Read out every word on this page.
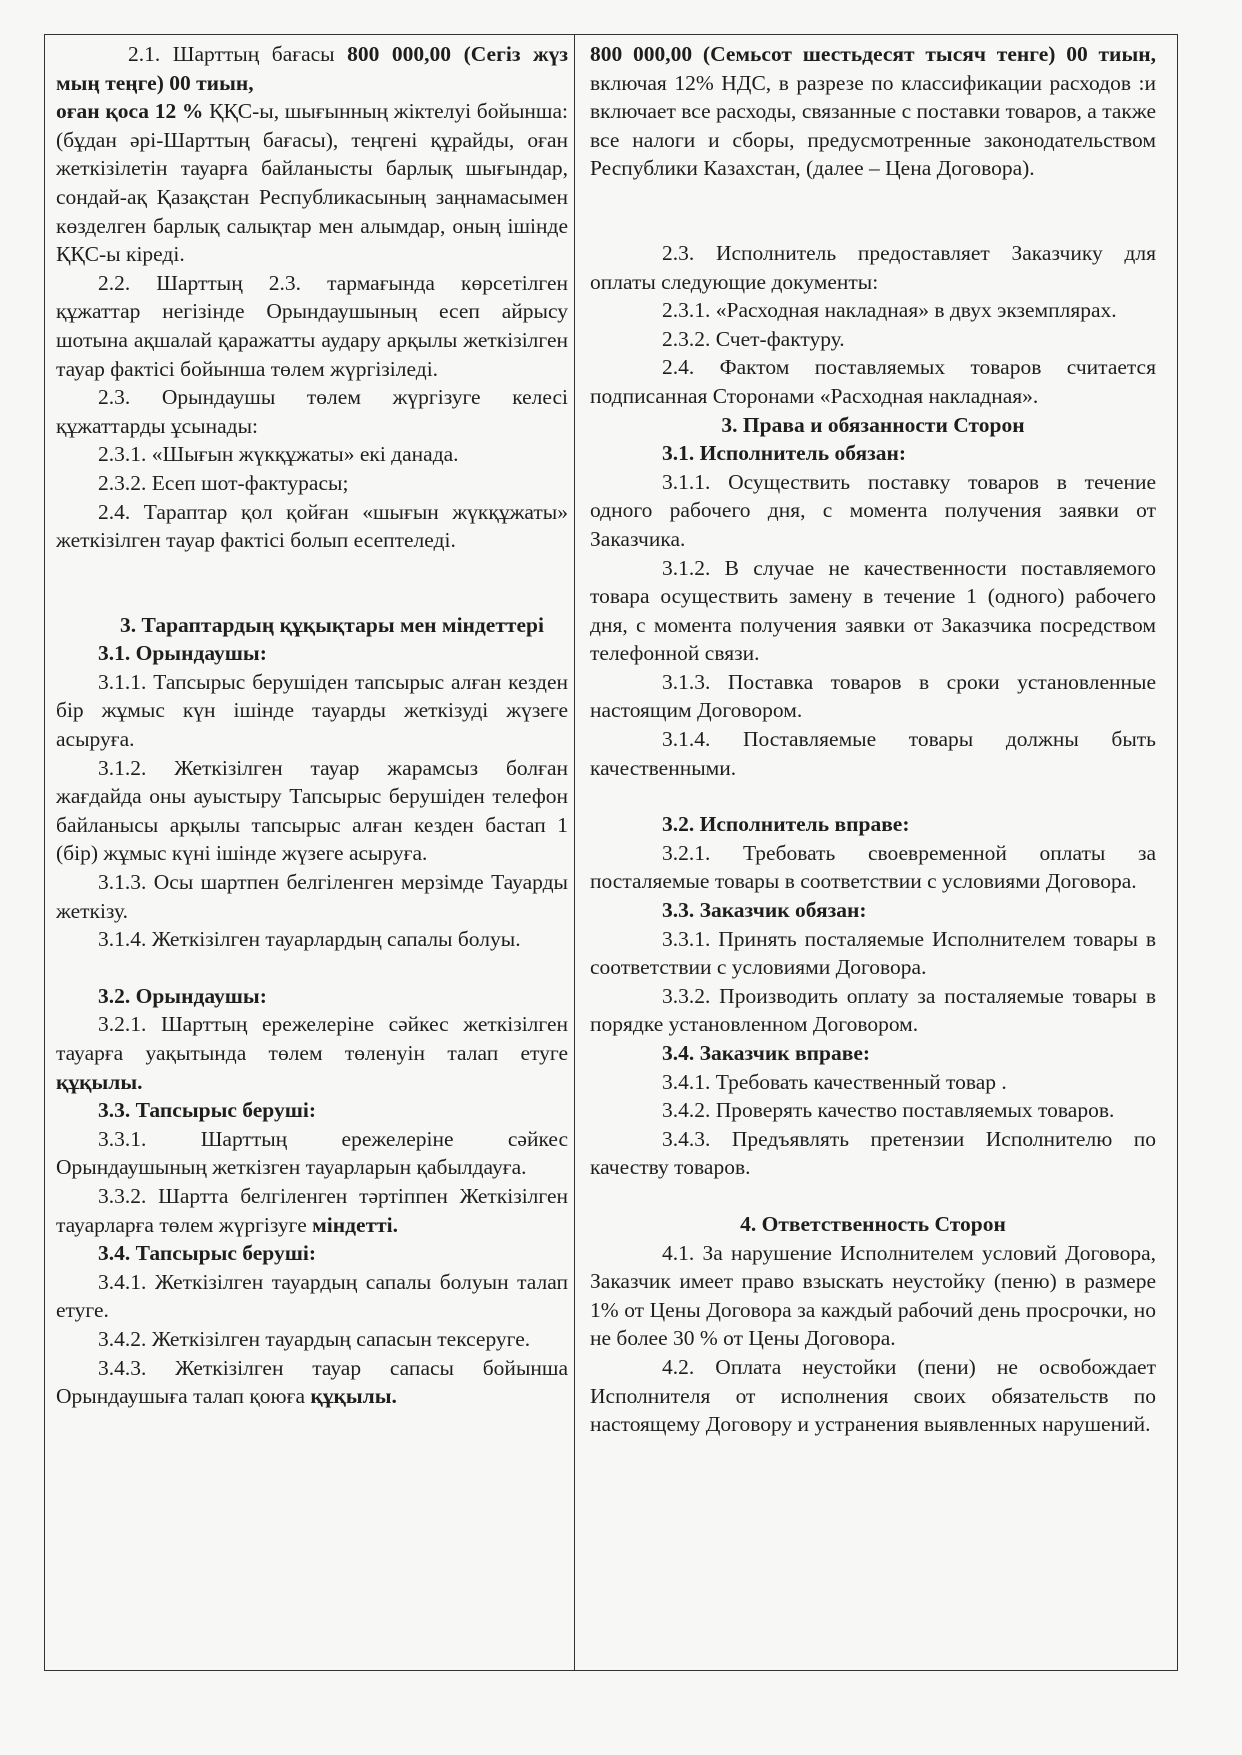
2.1. Шарттың бағасы 800 000,00 (Сегіз жүз мың теңге) 00 тиын,

оған қоса 12 % ҚҚС-ы, шығынның жіктелуі бойынша:(бұдан әрі-Шарттың бағасы), теңгені құрайды, оған жеткізілетін тауарға байланысты барлық шығындар, сондай-ақ Қазақстан Республикасының заңнамасымен көзделген барлық салықтар мен алымдар, оның ішінде ҚҚС-ы кіреді.

2.2. Шарттың 2.3. тармағында көрсетілген құжаттар негізінде Орындаушының есеп айрысу шотына ақшалай қаражатты аудару арқылы жеткізілген тауар фактісі бойынша төлем жүргізіледі.

2.3. Орындаушы төлем жүргізуге келесі құжаттарды ұсынады:

2.3.1. «Шығын жүкқұжаты» екі данада.

2.3.2. Есеп шот-фактурасы;

2.4. Тараптар қол қойған «шығын жүкқұжаты» жеткізілген тауар фактісі болып есептеледі.

3. Тараптардың құқықтары мен міндеттері

3.1. Орындаушы:

3.1.1. Тапсырыс берушіден тапсырыс алған кезден бір жұмыс күн ішінде тауарды жеткізуді жүзеге асыруға.

3.1.2. Жеткізілген тауар жарамсыз болған жағдайда оны ауыстыру Тапсырыс берушіден телефон байланысы арқылы тапсырыс алған кезден бастап 1 (бір) жұмыс күні ішінде жүзеге асыруға.

3.1.3. Осы шартпен белгіленген мерзімде Тауарды жеткізу.

3.1.4. Жеткізілген тауарлардың сапалы болуы.

3.2. Орындаушы:

3.2.1. Шарттың ережелеріне сәйкес жеткізілген тауарға уақытында төлем төленуін талап етуге құқылы.

3.3. Тапсырыс беруші:

3.3.1. Шарттың ережелеріне сәйкес Орындаушының жеткізген тауарларын қабылдауға.

3.3.2. Шартта белгіленген тәртіппен Жеткізілген тауарларға төлем жүргізуге міндетті.

3.4. Тапсырыс беруші:

3.4.1. Жеткізілген тауардың сапалы болуын талап етуге.

3.4.2. Жеткізілген тауардың сапасын тексеруге.

3.4.3. Жеткізілген тауар сапасы бойынша Орындаушыға талап қоюға құқылы.

800 000,00 (Семьсот шестьдесят тысяч тенге) 00 тиын, включая 12% НДС, в разрезе по классификации расходов :и включает все расходы, связанные с поставки товаров, а также все налоги и сборы, предусмотренные законодательством Республики Казахстан, (далее – Цена Договора).

2.3. Исполнитель предоставляет Заказчику для оплаты следующие документы:

2.3.1. «Расходная накладная» в двух экземплярах.

2.3.2. Счет-фактуру.

2.4. Фактом поставляемых товаров считается подписанная Сторонами «Расходная накладная».

3. Права и обязанности Сторон

3.1. Исполнитель обязан:

3.1.1. Осуществить поставку товаров в течение одного рабочего дня, с момента получения заявки от Заказчика.

3.1.2. В случае не качественности поставляемого товара осуществить замену в течение 1 (одного) рабочего дня, с момента получения заявки от Заказчика посредством телефонной связи.

3.1.3. Поставка товаров в сроки установленные настоящим Договором.

3.1.4. Поставляемые товары должны быть качественными.

3.2. Исполнитель вправе:

3.2.1. Требовать своевременной оплаты за посталяемые товары в соответствии с условиями Договора.

3.3. Заказчик обязан:

3.3.1. Принять посталяемые Исполнителем товары в соответствии с условиями Договора.

3.3.2. Производить оплату за посталяемые товары в порядке установленном Договором.

3.4. Заказчик вправе:

3.4.1. Требовать качественный товар .

3.4.2. Проверять качество поставляемых товаров.

3.4.3. Предъявлять претензии Исполнителю по качеству товаров.

4. Ответственность Сторон

4.1. За нарушение Исполнителем условий Договора, Заказчик имеет право взыскать неустойку (пеню) в размере 1% от Цены Договора за каждый рабочий день просрочки, но не более 30 % от Цены Договора.

4.2. Оплата неустойки (пени) не освобождает Исполнителя от исполнения своих обязательств по настоящему Договору и устранения выявленных нарушений.
